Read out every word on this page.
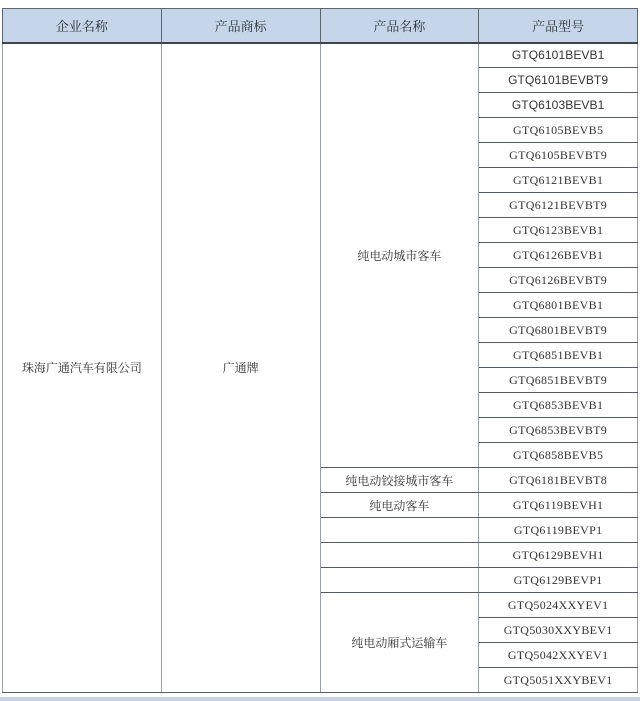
企业名称	产品商标	产品名称	产品型号
珠海广通汽车有限公司	广通牌	纯电动城市客车	GTQ6101BEVB1
			GTQ6101BEVBT9
			GTQ6103BEVB1
			GTQ6105BEVB5
			GTQ6105BEVBT9
			GTQ6121BEVB1
			GTQ6121BEVBT9
			GTQ6123BEVB1
			GTQ6126BEVB1
			GTQ6126BEVBT9
			GTQ6801BEVB1
			GTQ6801BEVBT9
			GTQ6851BEVB1
			GTQ6851BEVBT9
			GTQ6853BEVB1
			GTQ6853BEVBT9
			GTQ6858BEVB5
		纯电动铰接城市客车	GTQ6181BEVBT8
		纯电动客车	GTQ6119BEVH1
			GTQ6119BEVP1
			GTQ6129BEVH1
			GTQ6129BEVP1
		纯电动厢式运输车	GTQ5024XXYEV1
			GTQ5030XXYBEV1
			GTQ5042XXYEV1
			GTQ5051XXYBEV1
